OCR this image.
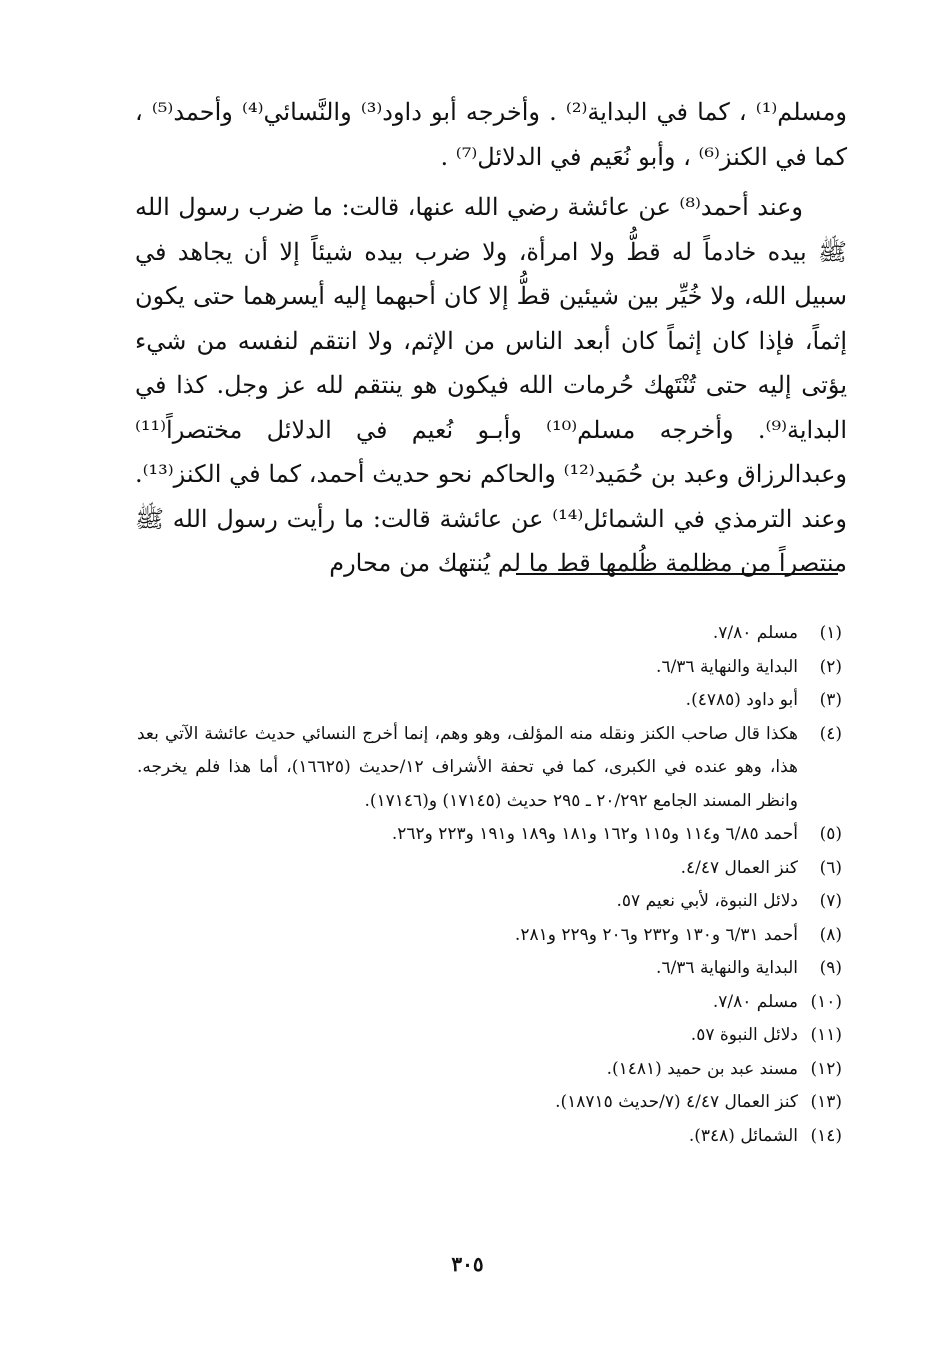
ومسلم⁽¹⁾ ، كما في البداية⁽²⁾ . وأخرجه أبو داود⁽³⁾ والنَّسائي⁽⁴⁾ وأحمد⁽⁵⁾ ، كما في الكنز⁽⁶⁾ ، وأبو نُعَيم في الدلائل⁽⁷⁾ .

وعند أحمد⁽⁸⁾ عن عائشة رضي الله عنها، قالت: ما ضرب رسول الله ﷺ بيده خادماً له قطُّ ولا امرأة، ولا ضرب بيده شيئاً إلا أن يجاهد في سبيل الله، ولا خُيِّر بين شيئين قطُّ إلا كان أحبهما إليه أيسرهما حتى يكون إثماً، فإذا كان إثماً كان أبعد الناس من الإثم، ولا انتقم لنفسه من شيء يؤتى إليه حتى تُنْتَهك حُرمات الله فيكون هو ينتقم لله عز وجل. كذا في البداية⁽⁹⁾. وأخرجه مسلم⁽¹⁰⁾ وأبـو نُعيم في الدلائل مختصراً⁽¹¹⁾ وعبدالرزاق وعبد بن حُمَيد⁽¹²⁾ والحاكم نحو حديث أحمد، كما في الكنز⁽¹³⁾. وعند الترمذي في الشمائل⁽¹⁴⁾ عن عائشة قالت: ما رأيت رسول الله ﷺ منتصراً من مظلمة ظُلمها قط ما لم يُنتهك من محارم

(١)
مسلم ٧/٨٠.
(٢)
البداية والنهاية ٦/٣٦.
(٣)
أبو داود (٤٧٨٥).
(٤)
هكذا قال صاحب الكنز ونقله منه المؤلف، وهو وهم، إنما أخرج النسائي حديث عائشة الآتي بعد هذا، وهو عنده في الكبرى، كما في تحفة الأشراف ١٢/حديث (١٦٦٢٥)، أما هذا فلم يخرجه. وانظر المسند الجامع ٢٠/٢٩٢ ـ ٢٩٥ حديث (١٧١٤٥) و(١٧١٤٦).
(٥)
أحمد ٦/٨٥ و١١٤ و١١٥ و١٦٢ و١٨١ و١٨٩ و١٩١ و٢٢٣ و٢٦٢.
(٦)
كنز العمال ٤/٤٧.
(٧)
دلائل النبوة، لأبي نعيم ٥٧.
(٨)
أحمد ٦/٣١ و١٣٠ و٢٣٢ و٢٠٦ و٢٢٩ و٢٨١.
(٩)
البداية والنهاية ٦/٣٦.
(١٠)
مسلم ٧/٨٠.
(١١)
دلائل النبوة ٥٧.
(١٢)
مسند عبد بن حميد (١٤٨١).
(١٣)
كنز العمال ٤/٤٧ (٧/حديث ١٨٧١٥).
(١٤)
الشمائل (٣٤٨).
٣٠٥
